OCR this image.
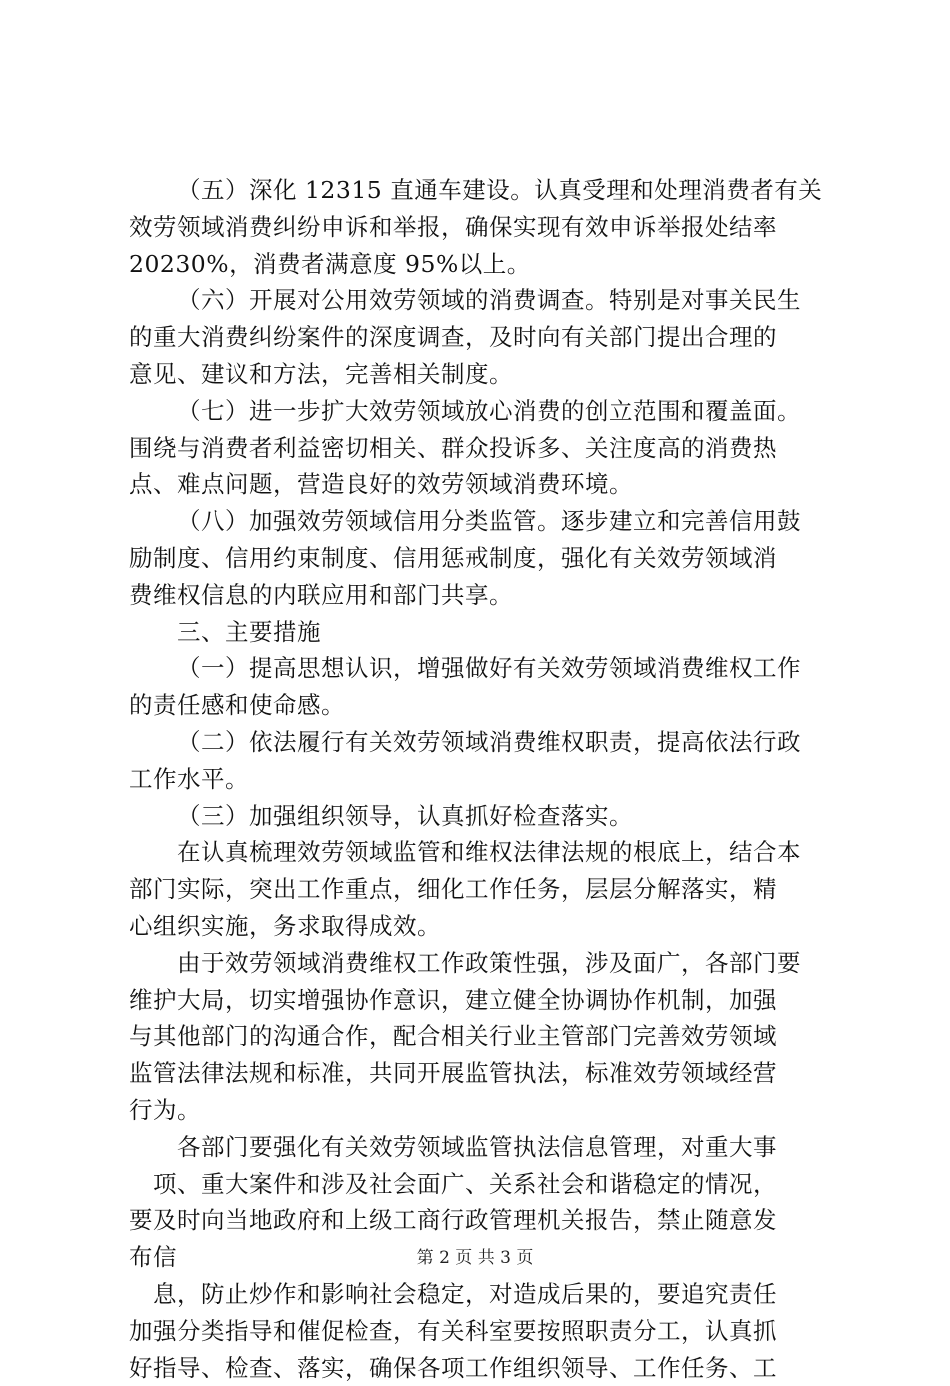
（五）深化 12315 直通车建设。认真受理和处理消费者有关
效劳领域消费纠纷申诉和举报，确保实现有效申诉举报处结率
20230%，消费者满意度 95%以上。
（六）开展对公用效劳领域的消费调查。特别是对事关民生
的重大消费纠纷案件的深度调查，及时向有关部门提出合理的
意见、建议和方法，完善相关制度。
（七）进一步扩大效劳领域放心消费的创立范围和覆盖面。
围绕与消费者利益密切相关、群众投诉多、关注度高的消费热
点、难点问题，营造良好的效劳领域消费环境。
（八）加强效劳领域信用分类监管。逐步建立和完善信用鼓
励制度、信用约束制度、信用惩戒制度，强化有关效劳领域消
费维权信息的内联应用和部门共享。
三、主要措施
（一）提高思想认识，增强做好有关效劳领域消费维权工作
的责任感和使命感。
（二）依法履行有关效劳领域消费维权职责，提高依法行政
工作水平。
（三）加强组织领导，认真抓好检查落实。
在认真梳理效劳领域监管和维权法律法规的根底上，结合本
部门实际，突出工作重点，细化工作任务，层层分解落实，精
心组织实施，务求取得成效。
由于效劳领域消费维权工作政策性强，涉及面广，各部门要
维护大局，切实增强协作意识，建立健全协调协作机制，加强
与其他部门的沟通合作，配合相关行业主管部门完善效劳领域
监管法律法规和标准，共同开展监管执法，标准效劳领域经营
行为。
各部门要强化有关效劳领域监管执法信息管理，对重大事
项、重大案件和涉及社会面广、关系社会和谐稳定的情况，
要及时向当地政府和上级工商行政管理机关报告，禁止随意发
布信
息，防止炒作和影响社会稳定，对造成后果的，要追究责任
加强分类指导和催促检查，有关科室要按照职责分工，认真抓
好指导、检查、落实，确保各项工作组织领导、工作任务、工
第 2 页 共 3 页
